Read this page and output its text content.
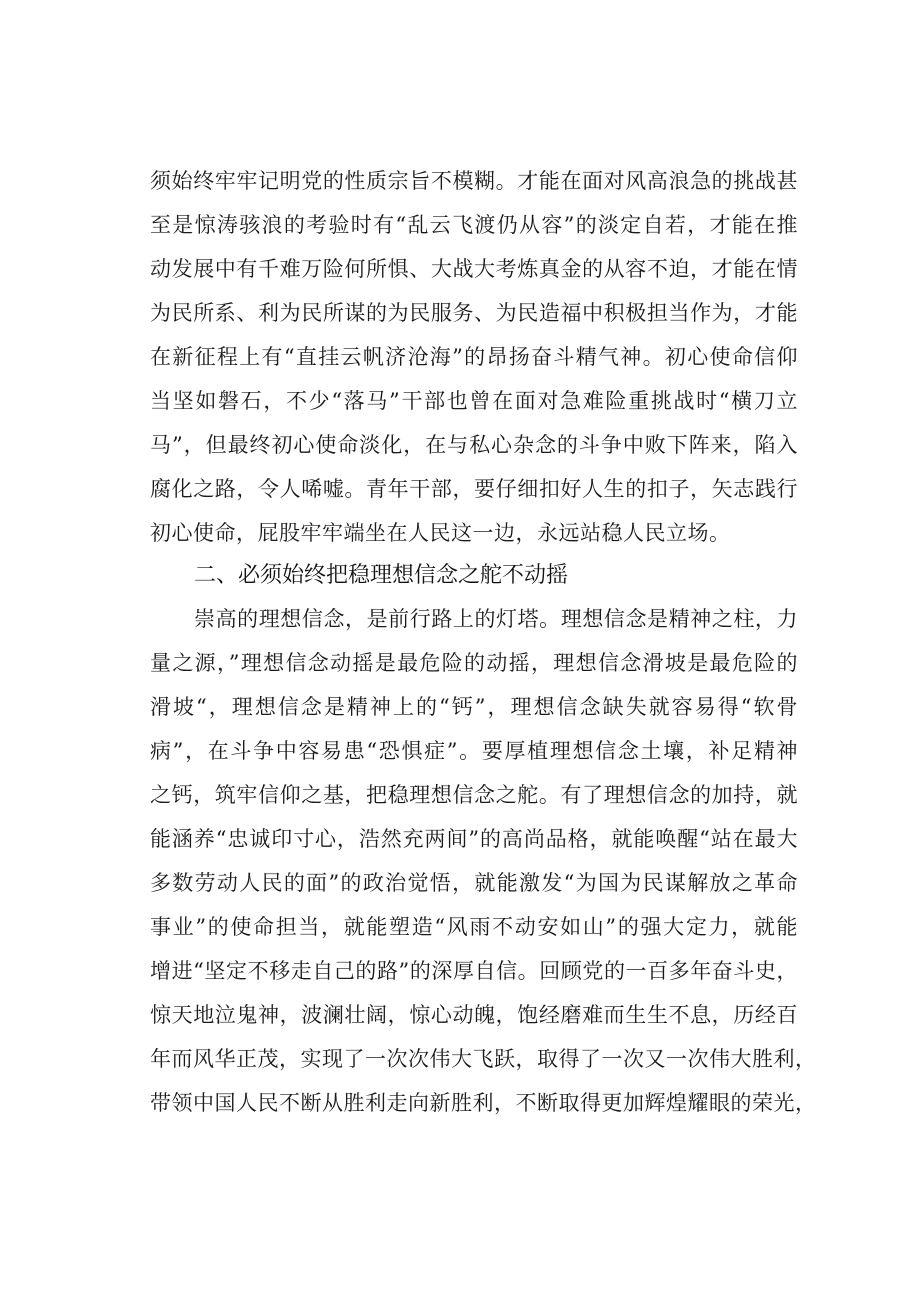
须始终牢牢记明党的性质宗旨不模糊。才能在面对风高浪急的挑战甚
至是惊涛骇浪的考验时有“乱云飞渡仍从容”的淡定自若，才能在推
动发展中有千难万险何所惧、大战大考炼真金的从容不迫，才能在情
为民所系、利为民所谋的为民服务、为民造福中积极担当作为，才能
在新征程上有“直挂云帆济沧海”的昂扬奋斗精气神。初心使命信仰
当坚如磐石，不少“落马”干部也曾在面对急难险重挑战时“横刀立
马”，但最终初心使命淡化，在与私心杂念的斗争中败下阵来，陷入
腐化之路，令人唏嘘。青年干部，要仔细扣好人生的扣子，矢志践行
初心使命，屁股牢牢端坐在人民这一边，永远站稳人民立场。
二、必须始终把稳理想信念之舵不动摇
崇高的理想信念，是前行路上的灯塔。理想信念是精神之柱，力
量之源，”理想信念动摇是最危险的动摇，理想信念滑坡是最危险的
滑坡“，理想信念是精神上的“钙”，理想信念缺失就容易得“软骨
病”，在斗争中容易患“恐惧症”。要厚植理想信念土壤，补足精神
之钙，筑牢信仰之基，把稳理想信念之舵。有了理想信念的加持，就
能涵养“忠诚印寸心，浩然充两间”的高尚品格，就能唤醒“站在最大
多数劳动人民的面”的政治觉悟，就能激发“为国为民谋解放之革命
事业”的使命担当，就能塑造“风雨不动安如山”的强大定力，就能
增进“坚定不移走自己的路”的深厚自信。回顾党的一百多年奋斗史，
惊天地泣鬼神，波澜壮阔，惊心动魄，饱经磨难而生生不息，历经百
年而风华正茂，实现了一次次伟大飞跃，取得了一次又一次伟大胜利，
带领中国人民不断从胜利走向新胜利，不断取得更加辉煌耀眼的荣光，
